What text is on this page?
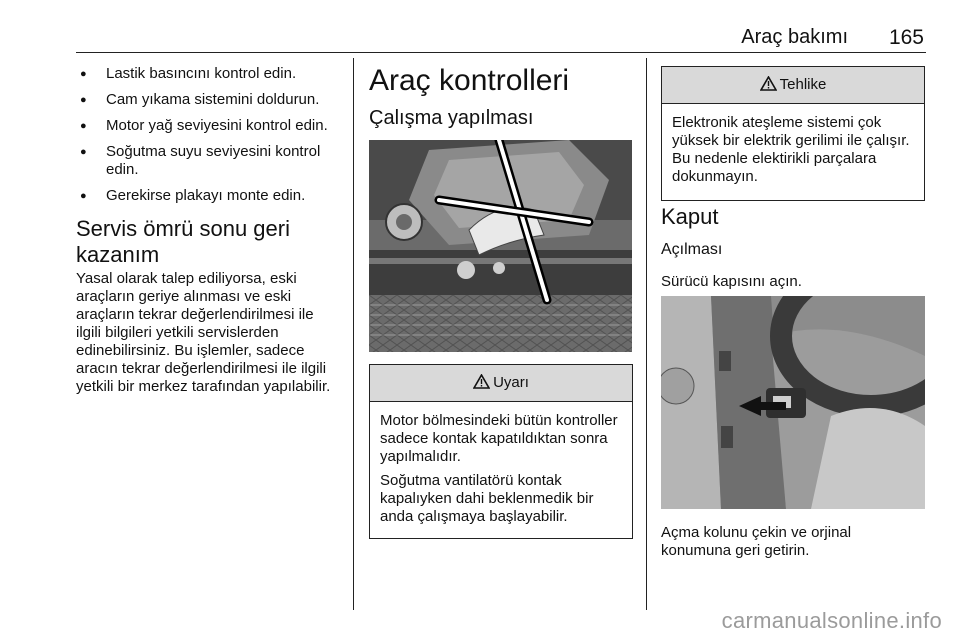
Araç bakımı 165
● Lastik basıncını kontrol edin.
● Cam yıkama sistemini doldurun.
● Motor yağ seviyesini kontrol edin.
● Soğutma suyu seviyesini kontrol edin.
● Gerekirse plakayı monte edin.
Servis ömrü sonu geri kazanım

Yasal olarak talep ediliyorsa, eski araçların geriye alınması ve eski araçların tekrar değerlendirilmesi ile ilgili bilgileri yetkili servislerden edinebilirsiniz. Bu işlemler, sadece aracın tekrar değerlendirilmesi ile ilgili yetkili bir merkez tarafından yapılabilir.

Araç kontrolleri
Çalışma yapılması
Uyarı

Motor bölmesindeki bütün kontroller sadece kontak kapatıldıktan sonra yapılmalıdır.

Soğutma vantilatörü kontak kapalıyken dahi beklenmedik bir anda çalışmaya başlayabilir.

Tehlike

Elektronik ateşleme sistemi çok yüksek bir elektrik gerilimi ile çalışır. Bu nedenle elektirikli parçalara dokunmayın.

Kaput
Açılması

Sürücü kapısını açın.

Açma kolunu çekin ve orjinal konumuna geri getirin.

carmanualsonline.info
